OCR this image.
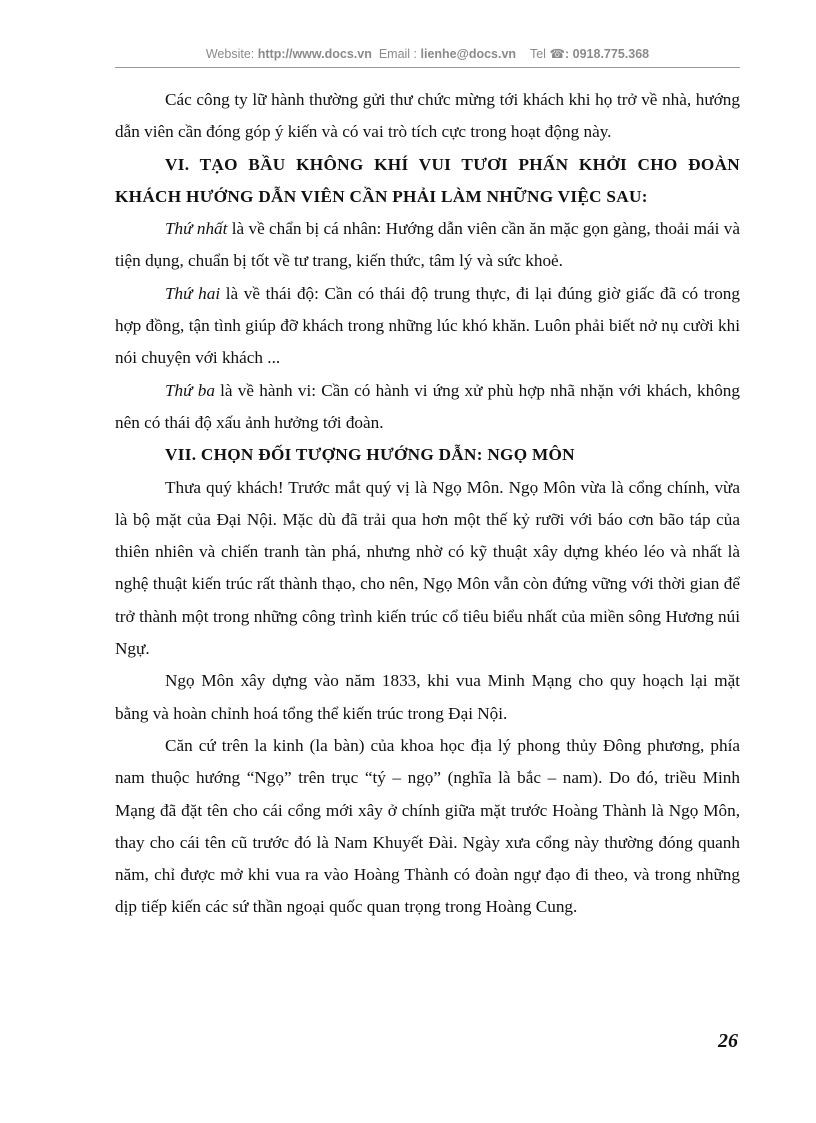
Website: http://www.docs.vn Email : lienhe@docs.vn Tel ☎: 0918.775.368

Các công ty lữ hành thường gửi thư chức mừng tới khách khi họ trở về nhà, hướng dẫn viên cần đóng góp ý kiến và có vai trò tích cực trong hoạt động này.

VI. TẠO BẦU KHÔNG KHÍ VUI TƯƠI PHẤN KHỞI CHO ĐOÀN KHÁCH HƯỚNG DẪN VIÊN CẦN PHẢI LÀM NHỮNG VIỆC SAU:

Thứ nhất là về chẩn bị cá nhân: Hướng dẫn viên cần ăn mặc gọn gàng, thoải mái và tiện dụng, chuẩn bị tốt về tư trang, kiến thức, tâm lý và sức khoẻ.

Thứ hai là về thái độ: Cần có thái độ trung thực, đi lại đúng giờ giấc đã có trong hợp đồng, tận tình giúp đỡ khách trong những lúc khó khăn. Luôn phải biết nở nụ cười khi nói chuyện với khách ...

Thứ ba là về hành vi: Cần có hành vi ứng xử phù hợp nhã nhặn với khách, không nên có thái độ xấu ảnh hưởng tới đoàn.

VII. CHỌN ĐỐI TƯỢNG HƯỚNG DẪN: NGỌ MÔN

Thưa quý khách! Trước mắt quý vị là Ngọ Môn. Ngọ Môn vừa là cổng chính, vừa là bộ mặt của Đại Nội. Mặc dù đã trải qua hơn một thế kỷ rưỡi với báo cơn bão táp của thiên nhiên và chiến tranh tàn phá, nhưng nhờ có kỹ thuật xây dựng khéo léo và nhất là nghệ thuật kiến trúc rất thành thạo, cho nên, Ngọ Môn vẫn còn đứng vững với thời gian để trở thành một trong những công trình kiến trúc cổ tiêu biểu nhất của miền sông Hương núi Ngự.

Ngọ Môn xây dựng vào năm 1833, khi vua Minh Mạng cho quy hoạch lại mặt bằng và hoàn chỉnh hoá tổng thể kiến trúc trong Đại Nội.

Căn cứ trên la kinh (la bàn) của khoa học địa lý phong thủy Đông phương, phía nam thuộc hướng “Ngọ” trên trục “tý – ngọ” (nghĩa là bắc – nam). Do đó, triều Minh Mạng đã đặt tên cho cái cổng mới xây ở chính giữa mặt trước Hoàng Thành là Ngọ Môn, thay cho cái tên cũ trước đó là Nam Khuyết Đài. Ngày xưa cổng này thường đóng quanh năm, chỉ được mở khi vua ra vào Hoàng Thành có đoàn ngự đạo đi theo, và trong những dịp tiếp kiến các sứ thần ngoại quốc quan trọng trong Hoàng Cung.

26
